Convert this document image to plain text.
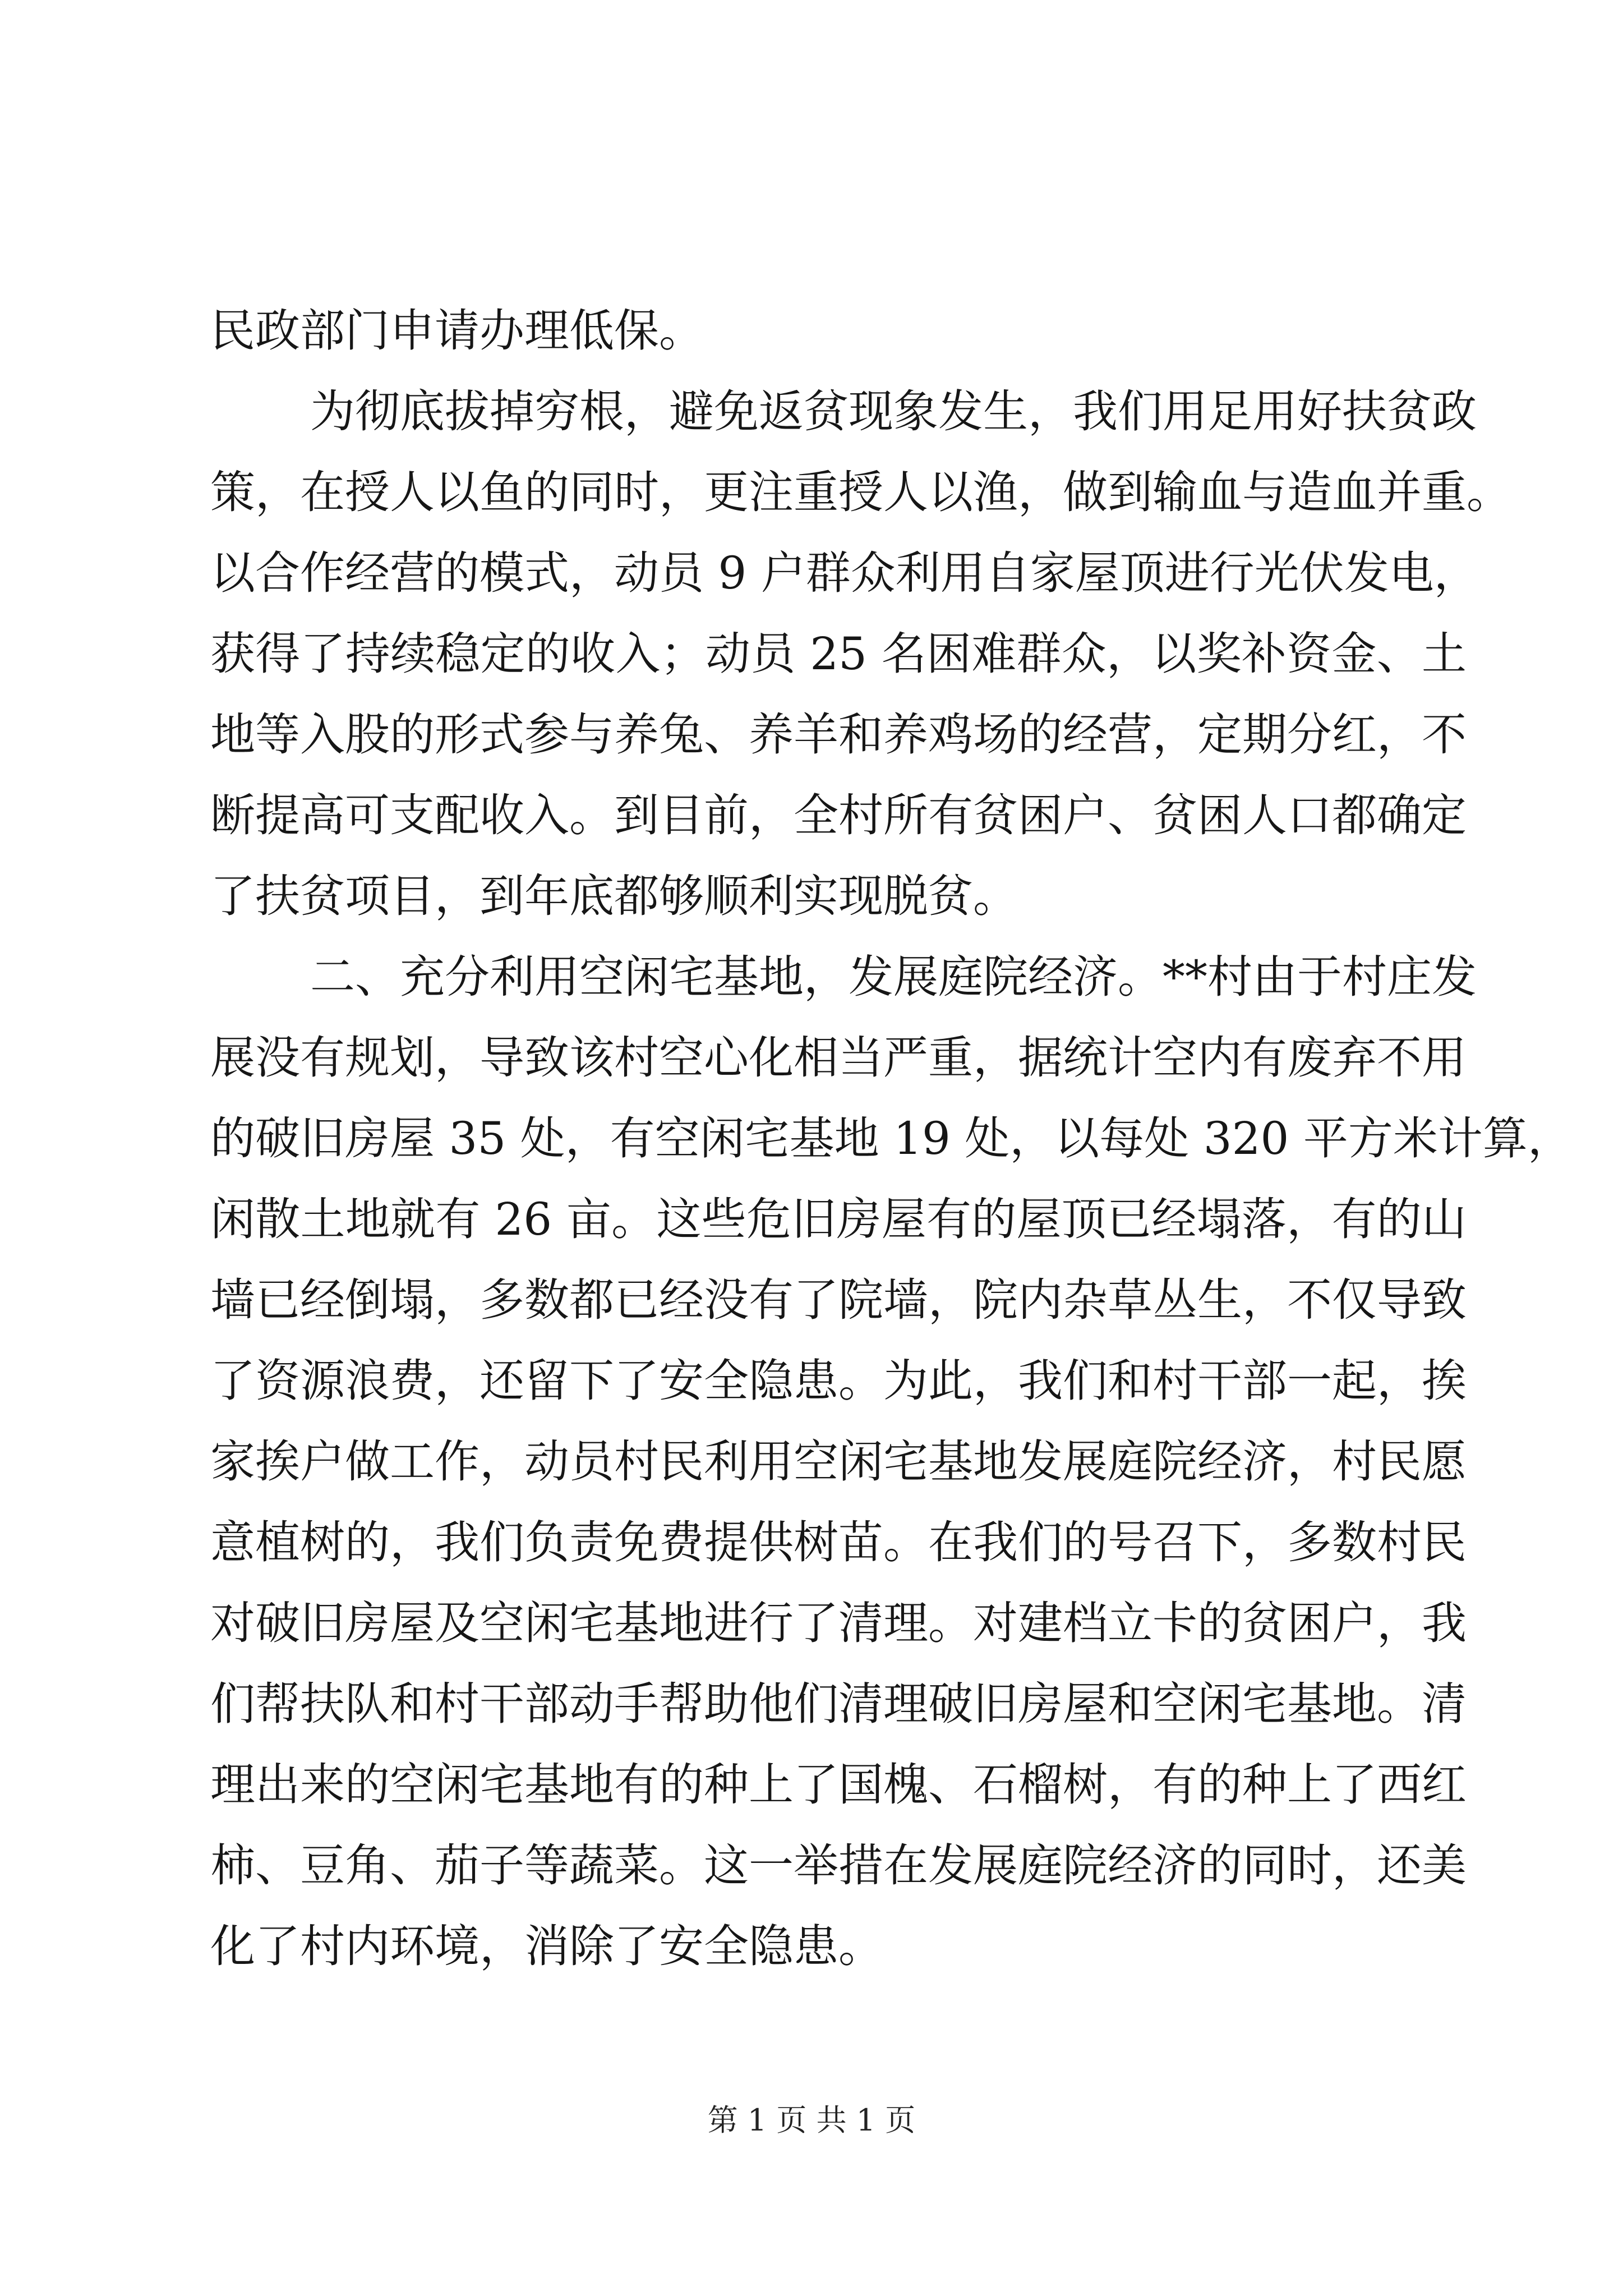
民政部门申请办理低保。

为彻底拔掉穷根，避免返贫现象发生，我们用足用好扶贫政
策，在授人以鱼的同时，更注重授人以渔，做到输血与造血并重。
以合作经营的模式，动员 9 户群众利用自家屋顶进行光伏发电，
获得了持续稳定的收入；动员 25 名困难群众，以奖补资金、土
地等入股的形式参与养兔、养羊和养鸡场的经营，定期分红，不
断提高可支配收入。到目前，全村所有贫困户、贫困人口都确定
了扶贫项目，到年底都够顺利实现脱贫。

二、充分利用空闲宅基地，发展庭院经济。**村由于村庄发
展没有规划，导致该村空心化相当严重，据统计空内有废弃不用
的破旧房屋 35 处，有空闲宅基地 19 处，以每处 320 平方米计算，
闲散土地就有 26 亩。这些危旧房屋有的屋顶已经塌落，有的山
墙已经倒塌，多数都已经没有了院墙，院内杂草丛生，不仅导致
了资源浪费，还留下了安全隐患。为此，我们和村干部一起，挨
家挨户做工作，动员村民利用空闲宅基地发展庭院经济，村民愿
意植树的，我们负责免费提供树苗。在我们的号召下，多数村民
对破旧房屋及空闲宅基地进行了清理。对建档立卡的贫困户，我
们帮扶队和村干部动手帮助他们清理破旧房屋和空闲宅基地。清
理出来的空闲宅基地有的种上了国槐、石榴树，有的种上了西红
柿、豆角、茄子等蔬菜。这一举措在发展庭院经济的同时，还美
化了村内环境，消除了安全隐患。

第 1 页 共 1 页
